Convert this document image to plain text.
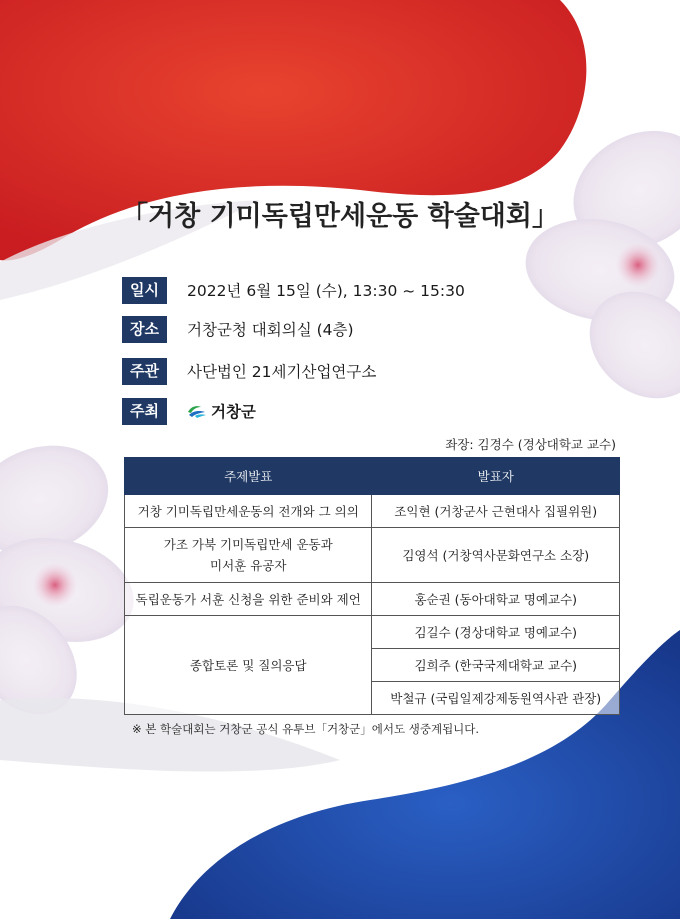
「거창 기미독립만세운동 학술대회」
일시	2022년 6월 15일 (수), 13:30 ~ 15:30
장소	거창군청 대회의실 (4층)
주관	사단법인 21세기산업연구소
주최	거창군
좌장: 김경수 (경상대학교 교수)
주제발표	발표자
거창 기미독립만세운동의 전개와 그 의의	조익현 (거창군사 근현대사 집필위원)

가조 가북 기미독립만세 운동과
미서훈 유공자	김영석 (거창역사문화연구소 소장)
독립운동가 서훈 신청을 위한 준비와 제언	홍순권 (동아대학교 명예교수)
종합토론 및 질의응답	김길수 (경상대학교 명예교수)
	김희주 (한국국제대학교 교수)
	박철규 (국립일제강제동원역사관 관장)
※ 본 학술대회는 거창군 공식 유투브「거창군」에서도 생중계됩니다.
